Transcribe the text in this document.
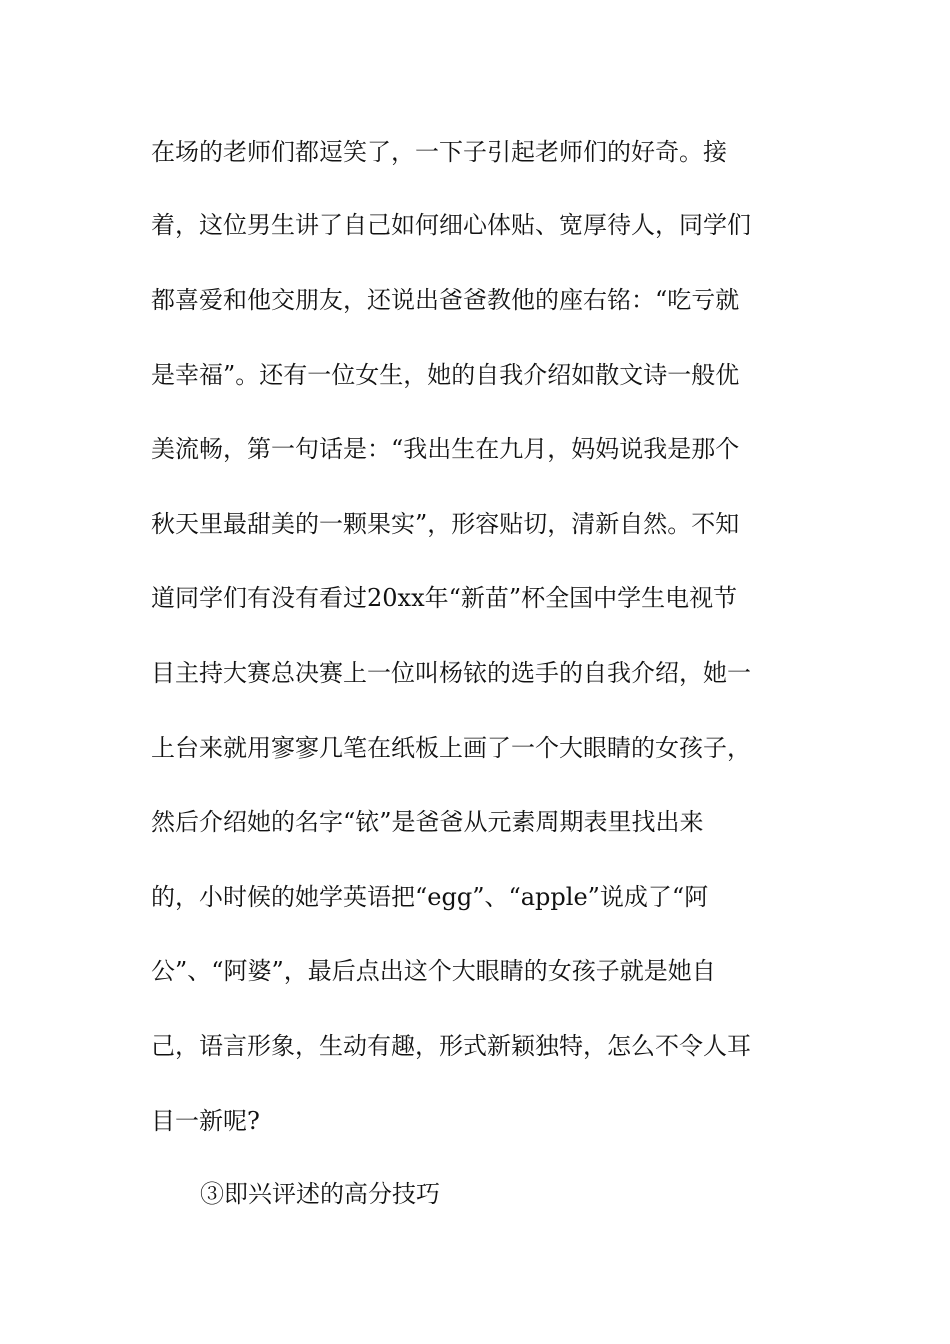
在场的老师们都逗笑了，一下子引起老师们的好奇。接
着，这位男生讲了自己如何细心体贴、宽厚待人，同学们
都喜爱和他交朋友，还说出爸爸教他的座右铭：“吃亏就
是幸福”。还有一位女生，她的自我介绍如散文诗一般优
美流畅，第一句话是：“我出生在九月，妈妈说我是那个
秋天里最甜美的一颗果实”，形容贴切，清新自然。不知
道同学们有没有看过20xx年“新苗”杯全国中学生电视节
目主持大赛总决赛上一位叫杨铱的选手的自我介绍，她一
上台来就用寥寥几笔在纸板上画了一个大眼睛的女孩子，
然后介绍她的名字“铱”是爸爸从元素周期表里找出来
的，小时候的她学英语把“egg”、“apple”说成了“阿
公”、“阿婆”，最后点出这个大眼睛的女孩子就是她自
己，语言形象，生动有趣，形式新颖独特，怎么不令人耳
目一新呢?
③即兴评述的高分技巧
